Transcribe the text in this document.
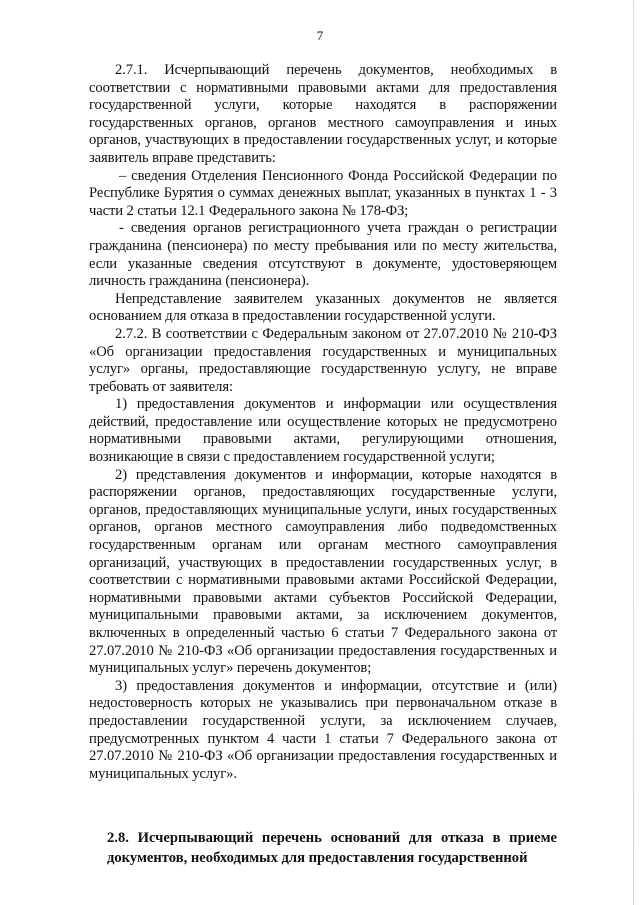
7

2.7.1. Исчерпывающий перечень документов, необходимых в соответствии с нормативными правовыми актами для предоставления государственной услуги, которые находятся в распоряжении государственных органов, органов местного самоуправления и иных органов, участвующих в предоставлении государственных услуг, и которые заявитель вправе представить:

– сведения Отделения Пенсионного Фонда Российской Федерации по Республике Бурятия о суммах денежных выплат, указанных в пунктах 1 - 3 части 2 статьи 12.1 Федерального закона № 178-ФЗ;

- сведения органов регистрационного учета граждан о регистрации гражданина (пенсионера) по месту пребывания или по месту жительства, если указанные сведения отсутствуют в документе, удостоверяющем личность гражданина (пенсионера).

Непредставление заявителем указанных документов не является основанием для отказа в предоставлении государственной услуги.

2.7.2. В соответствии с Федеральным законом от 27.07.2010 № 210-ФЗ «Об организации предоставления государственных и муниципальных услуг» органы, предоставляющие государственную услугу, не вправе требовать от заявителя:

1) предоставления документов и информации или осуществления действий, предоставление или осуществление которых не предусмотрено нормативными правовыми актами, регулирующими отношения, возникающие в связи с предоставлением государственной услуги;

2) представления документов и информации, которые находятся в распоряжении органов, предоставляющих государственные услуги, органов, предоставляющих муниципальные услуги, иных государственных органов, органов местного самоуправления либо подведомственных государственным органам или органам местного самоуправления организаций, участвующих в предоставлении государственных услуг, в соответствии с нормативными правовыми актами Российской Федерации, нормативными правовыми актами субъектов Российской Федерации, муниципальными правовыми актами, за исключением документов, включенных в определенный частью 6 статьи 7 Федерального закона от 27.07.2010 № 210-ФЗ «Об организации предоставления государственных и муниципальных услуг» перечень документов;

3) предоставления документов и информации, отсутствие и (или) недостоверность которых не указывались при первоначальном отказе в предоставлении государственной услуги, за исключением случаев, предусмотренных пунктом 4 части 1 статьи 7 Федерального закона от 27.07.2010 № 210-ФЗ «Об организации предоставления государственных и муниципальных услуг».

2.8. Исчерпывающий перечень оснований для отказа в приеме документов, необходимых для предоставления государственной
